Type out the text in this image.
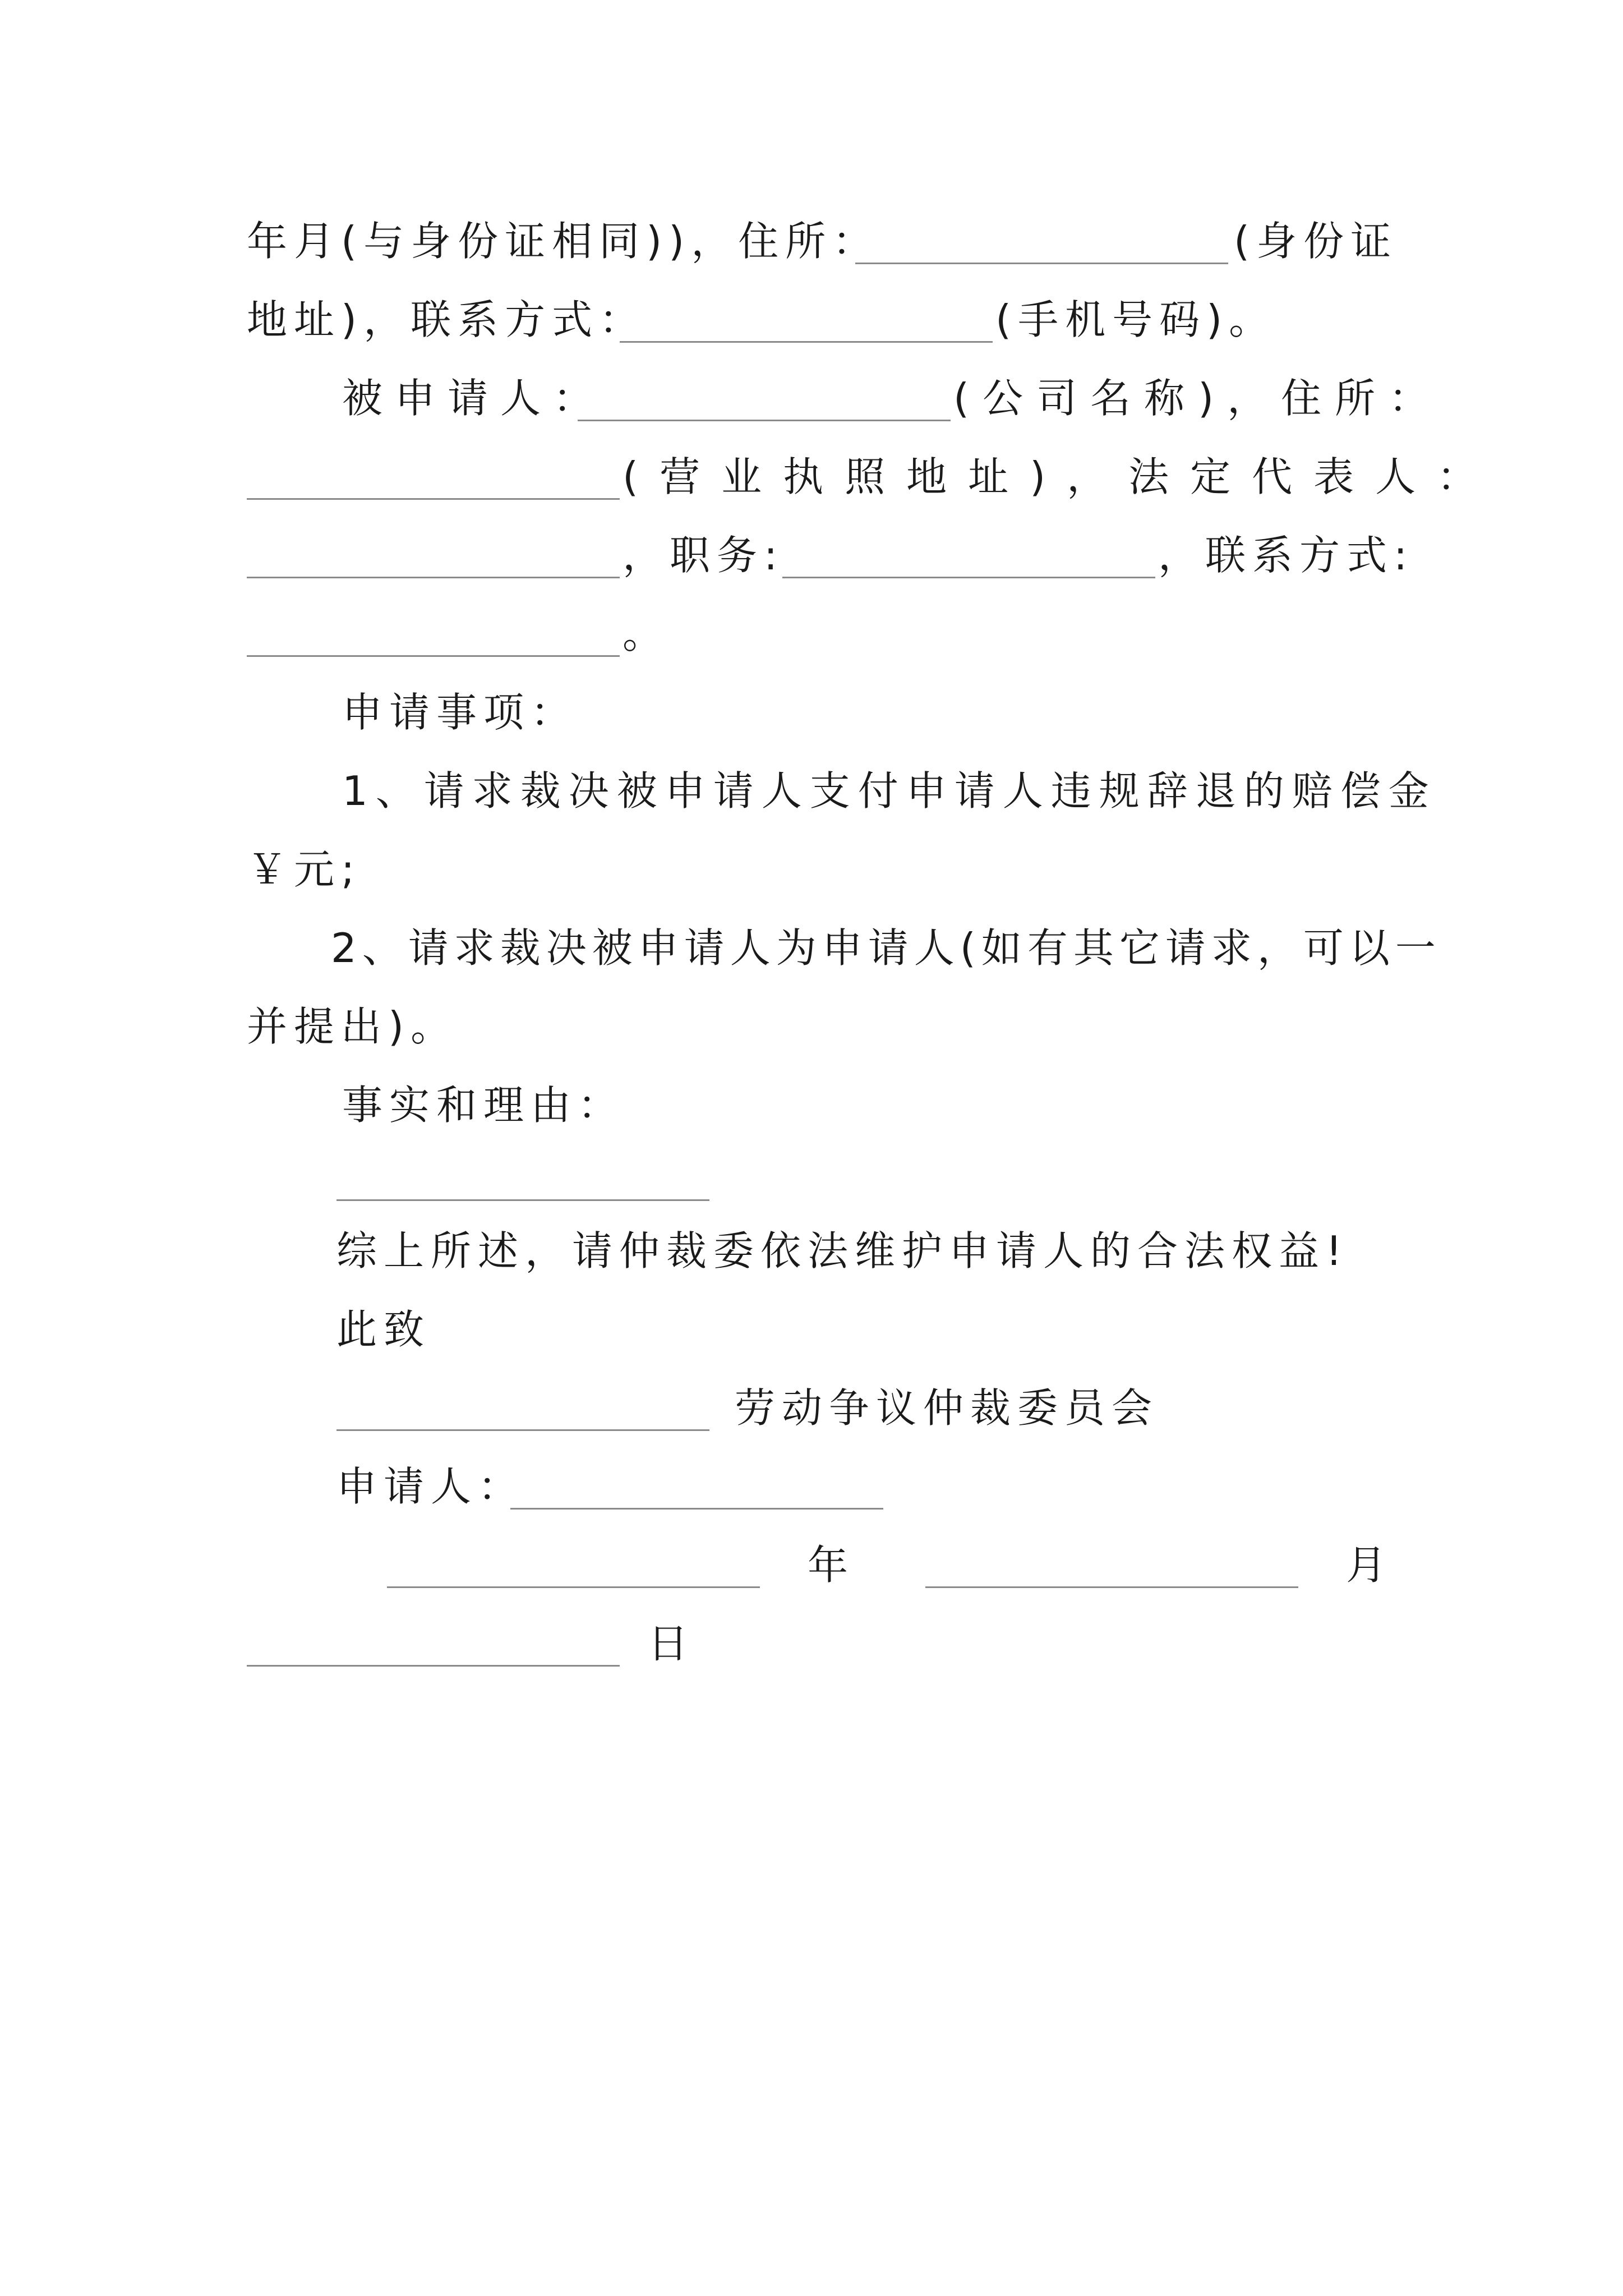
年月(与身份证相同))，住所：	(身份证
地址)，联系方式：	(手机号码)。
被申请人：	(公司名称)，住所：
(营业执照地址)，法定代表人：
，职务:	，联系方式:
。
申请事项：
1、请求裁决被申请人支付申请人违规辞退的赔偿金
￥元;
2、请求裁决被申请人为申请人(如有其它请求，可以一
并提出)。
事实和理由：
综上所述，请仲裁委依法维护申请人的合法权益!
此致
劳动争议仲裁委员会
申请人：
年	月
日
